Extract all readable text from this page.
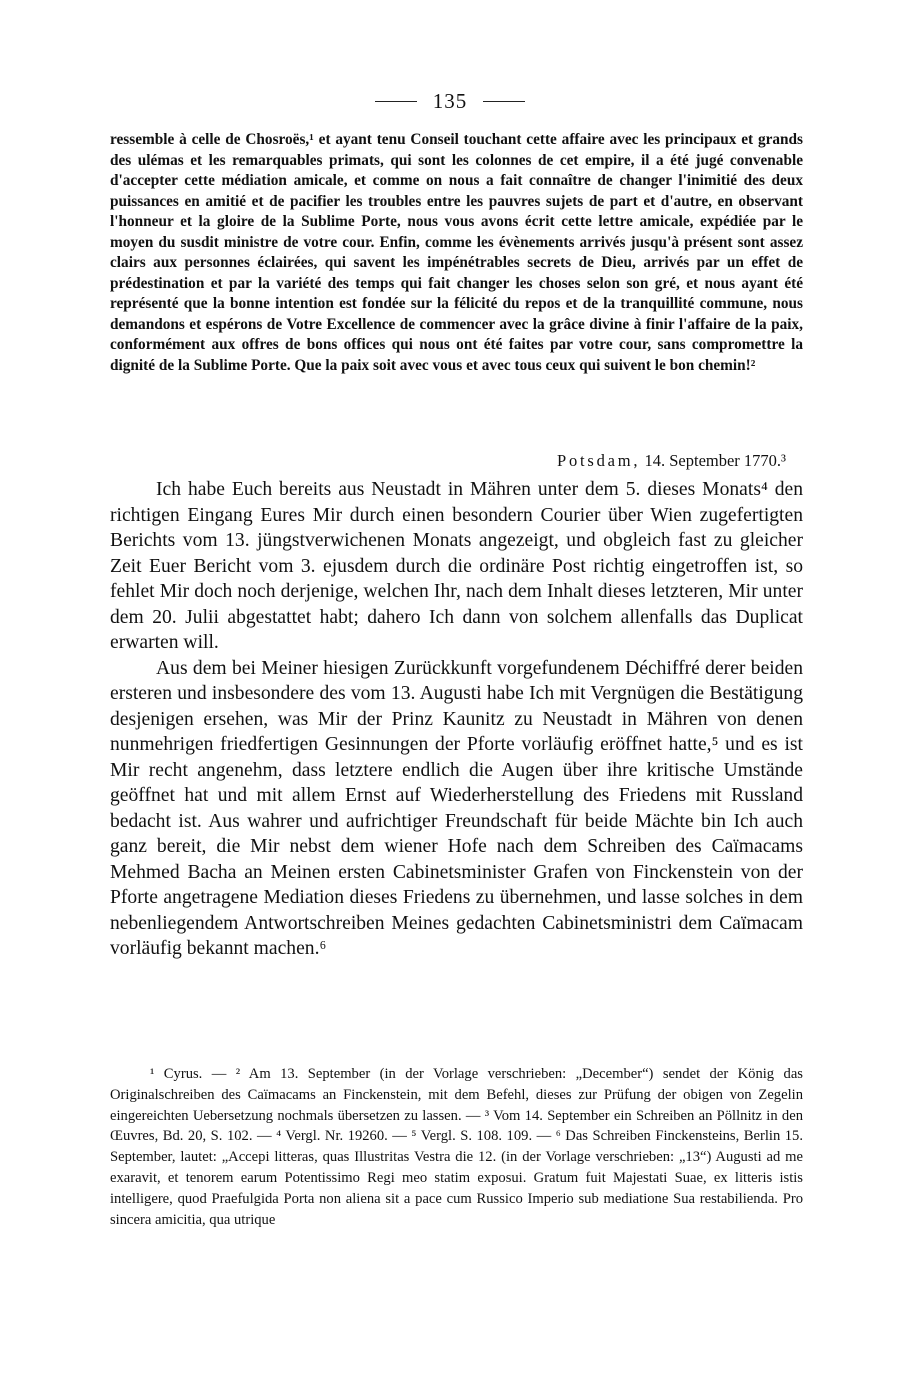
135

ressemble à celle de Chosroës,¹ et ayant tenu Conseil touchant cette affaire avec les principaux et grands des ulémas et les remarquables primats, qui sont les colonnes de cet empire, il a été jugé convenable d'accepter cette médiation amicale, et comme on nous a fait connaître de changer l'inimitié des deux puissances en amitié et de pacifier les troubles entre les pauvres sujets de part et d'autre, en observant l'honneur et la gloire de la Sublime Porte, nous vous avons écrit cette lettre amicale, expédiée par le moyen du susdit ministre de votre cour. Enfin, comme les évènements arrivés jusqu'à présent sont assez clairs aux personnes éclairées, qui savent les impénétrables secrets de Dieu, arrivés par un effet de prédestination et par la variété des temps qui fait changer les choses selon son gré, et nous ayant été représenté que la bonne intention est fondée sur la félicité du repos et de la tranquillité commune, nous demandons et espérons de Votre Excellence de commencer avec la grâce divine à finir l'affaire de la paix, conformément aux offres de bons offices qui nous ont été faites par votre cour, sans compromettre la dignité de la Sublime Porte. Que la paix soit avec vous et avec tous ceux qui suivent le bon chemin!²

Potsdam, 14. September 1770.³

Ich habe Euch bereits aus Neustadt in Mähren unter dem 5. dieses Monats⁴ den richtigen Eingang Eures Mir durch einen besondern Courier über Wien zugefertigten Berichts vom 13. jüngstverwichenen Monats angezeigt, und obgleich fast zu gleicher Zeit Euer Bericht vom 3. ejusdem durch die ordinäre Post richtig eingetroffen ist, so fehlet Mir doch noch derjenige, welchen Ihr, nach dem Inhalt dieses letzteren, Mir unter dem 20. Julii abgestattet habt; dahero Ich dann von solchem allenfalls das Duplicat erwarten will.

Aus dem bei Meiner hiesigen Zurückkunft vorgefundenem Déchiffré derer beiden ersteren und insbesondere des vom 13. Augusti habe Ich mit Vergnügen die Bestätigung desjenigen ersehen, was Mir der Prinz Kaunitz zu Neustadt in Mähren von denen nunmehrigen friedfertigen Gesinnungen der Pforte vorläufig eröffnet hatte,⁵ und es ist Mir recht angenehm, dass letztere endlich die Augen über ihre kritische Umstände geöffnet hat und mit allem Ernst auf Wiederherstellung des Friedens mit Russland bedacht ist. Aus wahrer und aufrichtiger Freundschaft für beide Mächte bin Ich auch ganz bereit, die Mir nebst dem wiener Hofe nach dem Schreiben des Caïmacams Mehmed Bacha an Meinen ersten Cabinetsminister Grafen von Finckenstein von der Pforte angetragene Mediation dieses Friedens zu übernehmen, und lasse solches in dem nebenliegendem Antwortschreiben Meines gedachten Cabinetsministri dem Caïmacam vorläufig bekannt machen.⁶

¹ Cyrus. — ² Am 13. September (in der Vorlage verschrieben: „December“) sendet der König das Originalschreiben des Caïmacams an Finckenstein, mit dem Befehl, dieses zur Prüfung der obigen von Zegelin eingereichten Uebersetzung nochmals übersetzen zu lassen. — ³ Vom 14. September ein Schreiben an Pöllnitz in den Œuvres, Bd. 20, S. 102. — ⁴ Vergl. Nr. 19260. — ⁵ Vergl. S. 108. 109. — ⁶ Das Schreiben Finckensteins, Berlin 15. September, lautet: „Accepi litteras, quas Illustritas Vestra die 12. (in der Vorlage verschrieben: „13“) Augusti ad me exaravit, et tenorem earum Potentissimo Regi meo statim exposui. Gratum fuit Majestati Suae, ex litteris istis intelligere, quod Praefulgida Porta non aliena sit a pace cum Russico Imperio sub mediatione Sua restabilienda. Pro sincera amicitia, qua utrique
